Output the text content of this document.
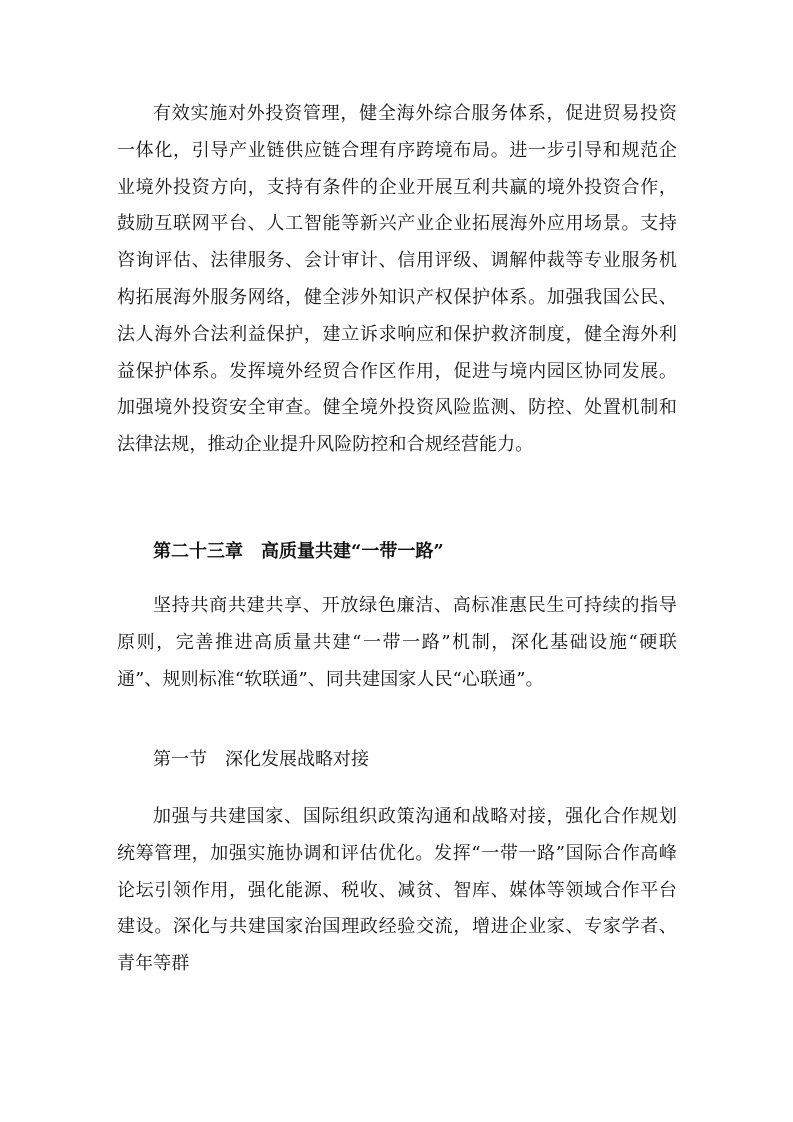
有效实施对外投资管理，健全海外综合服务体系，促进贸易投资一体化，引导产业链供应链合理有序跨境布局。进一步引导和规范企业境外投资方向，支持有条件的企业开展互利共赢的境外投资合作，鼓励互联网平台、人工智能等新兴产业企业拓展海外应用场景。支持咨询评估、法律服务、会计审计、信用评级、调解仲裁等专业服务机构拓展海外服务网络，健全涉外知识产权保护体系。加强我国公民、法人海外合法利益保护，建立诉求响应和保护救济制度，健全海外利益保护体系。发挥境外经贸合作区作用，促进与境内园区协同发展。加强境外投资安全审查。健全境外投资风险监测、防控、处置机制和法律法规，推动企业提升风险防控和合规经营能力。

第二十三章　高质量共建“一带一路”

坚持共商共建共享、开放绿色廉洁、高标准惠民生可持续的指导原则，完善推进高质量共建“一带一路”机制，深化基础设施“硬联通”、规则标准“软联通”、同共建国家人民“心联通”。

第一节　深化发展战略对接

加强与共建国家、国际组织政策沟通和战略对接，强化合作规划统筹管理，加强实施协调和评估优化。发挥“一带一路”国际合作高峰论坛引领作用，强化能源、税收、减贫、智库、媒体等领域合作平台建设。深化与共建国家治国理政经验交流，增进企业家、专家学者、青年等群
